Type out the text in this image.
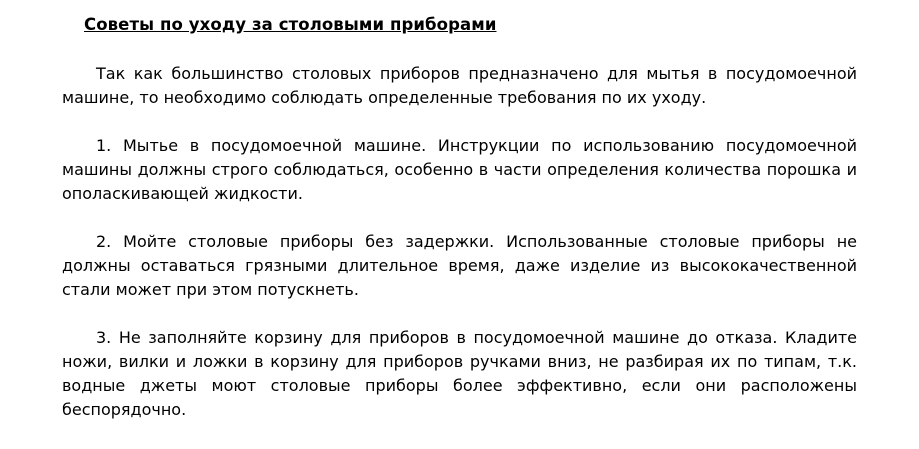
Советы по уходу за столовыми приборами

Так как большинство столовых приборов предназначено для мытья в посудомоечной машине, то необходимо соблюдать определенные требования по их уходу.

1. Мытье в посудомоечной машине. Инструкции по использованию посудомоечной машины должны строго соблюдаться, особенно в части определения количества порошка и ополаскивающей жидкости.

2. Мойте столовые приборы без задержки. Использованные столовые приборы не должны оставаться грязными длительное время, даже изделие из высококачественной стали может при этом потускнеть.

3. Не заполняйте корзину для приборов в посудомоечной машине до отказа. Кладите ножи, вилки и ложки в корзину для приборов ручками вниз, не разбирая их по типам, т.к. водные джеты моют столовые приборы более эффективно, если они расположены беспорядочно.
